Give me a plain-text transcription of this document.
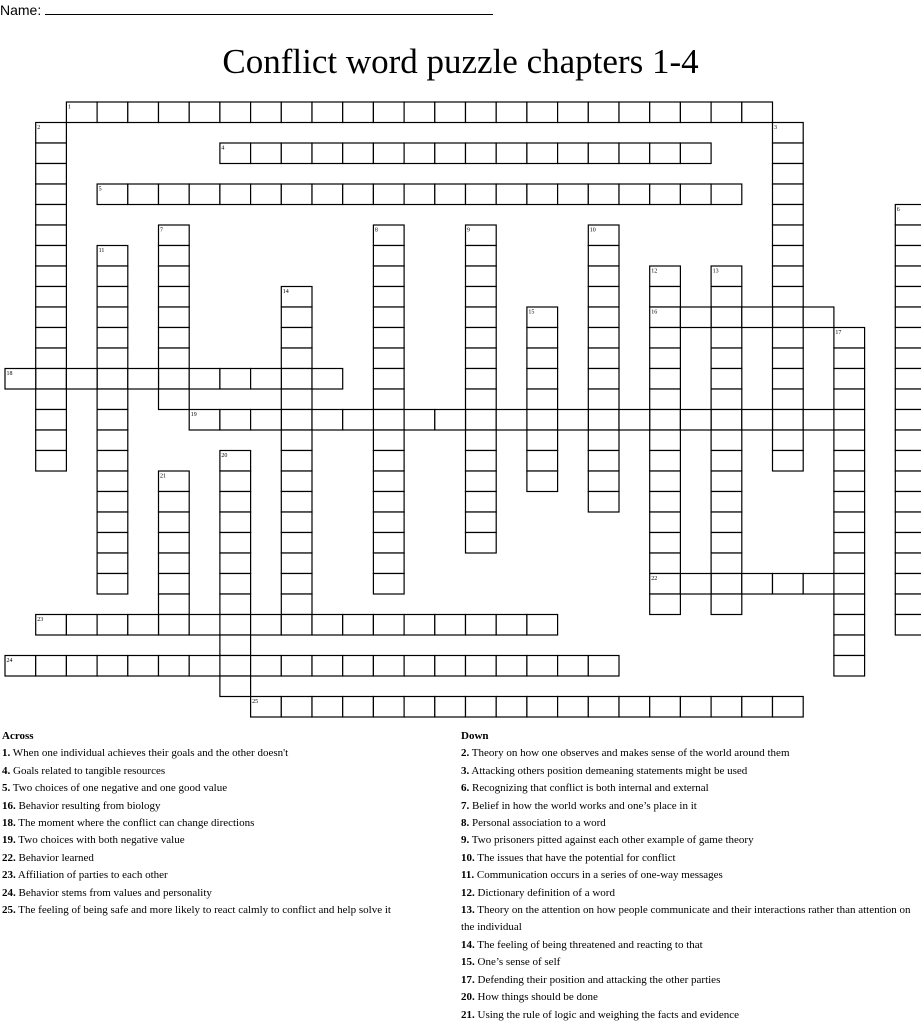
Name:
Conflict word puzzle chapters 1-4
1
2	3
4
5
6
7	8	9	10
11
12	13
14
15	16
17
18
19
20
21
22
23
24
25
Across
1. When one individual achieves their goals and the other doesn't
4. Goals related to tangible resources
5. Two choices of one negative and one good value
16. Behavior resulting from biology
18. The moment where the conflict can change directions
19. Two choices with both negative value
22. Behavior learned
23. Affiliation of parties to each other
24. Behavior stems from values and personality
25. The feeling of being safe and more likely to react calmly to conflict and help solve it
Down
2. Theory on how one observes and makes sense of the world around them
3. Attacking others position demeaning statements might be used
6. Recognizing that conflict is both internal and external
7. Belief in how the world works and one’s place in it
8. Personal association to a word
9. Two prisoners pitted against each other example of game theory
10. The issues that have the potential for conflict
11. Communication occurs in a series of one-way messages
12. Dictionary definition of a word
13. Theory on the attention on how people communicate and their interactions rather than attention on the individual
14. The feeling of being threatened and reacting to that
15. One’s sense of self
17. Defending their position and attacking the other parties
20. How things should be done
21. Using the rule of logic and weighing the facts and evidence
